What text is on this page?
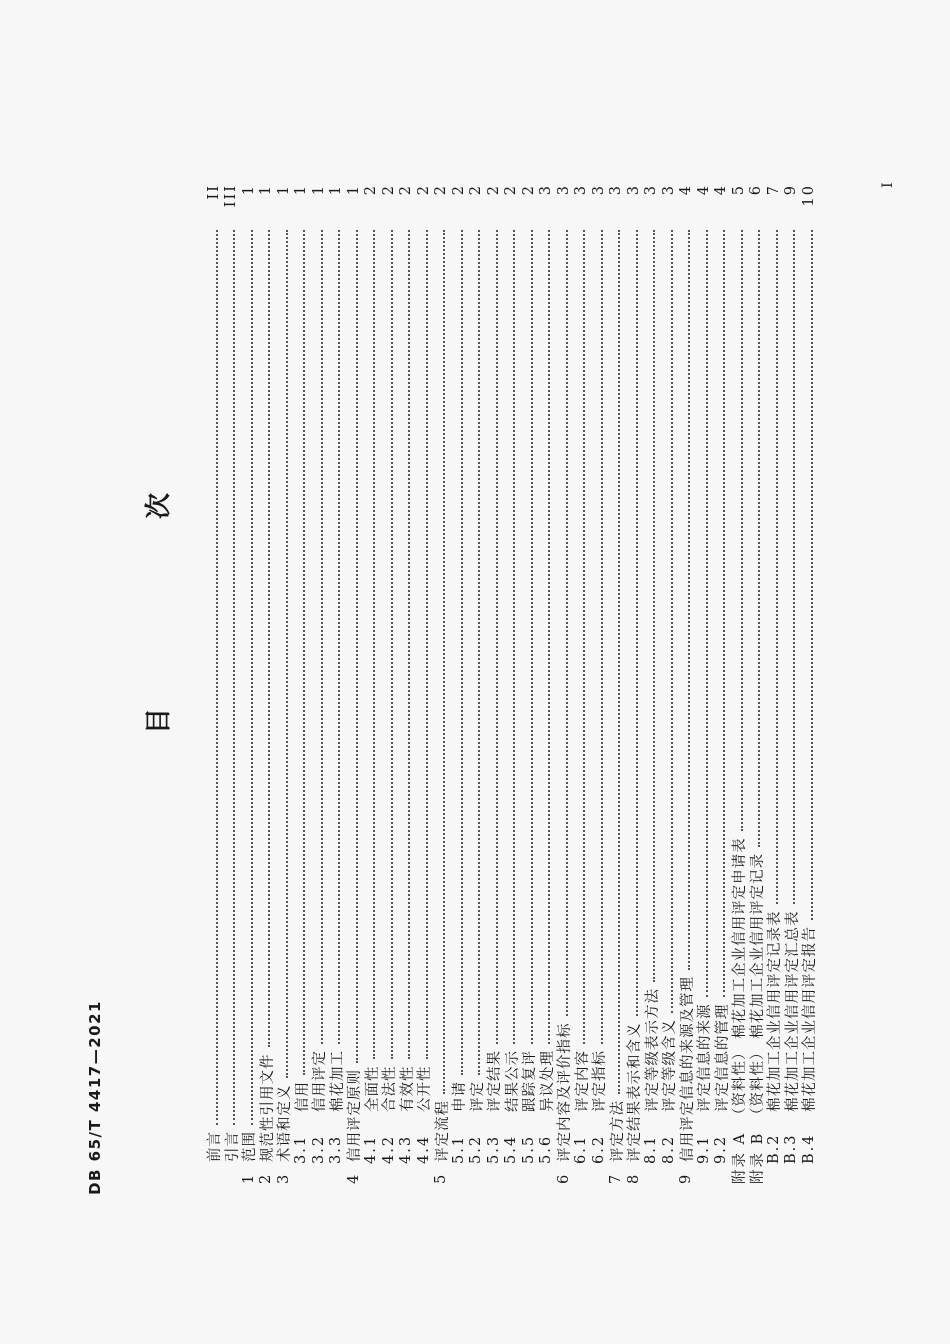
DB 65/T 4417—2021
目 次
前言
II
引言
III
1
范围
1
2
规范性引用文件
1
3
术语和定义
1
3.1
信用
1
3.2
信用评定
1
3.3
棉花加工
1
4
信用评定原则
1
4.1
全面性
2
4.2
合法性
2
4.3
有效性
2
4.4
公开性
2
5
评定流程
2
5.1
申请
2
5.2
评定
2
5.3
评定结果
2
5.4
结果公示
2
5.5
跟踪复评
2
5.6
异议处理
3
6
评定内容及评价指标
3
6.1
评定内容
3
6.2
评定指标
3
7
评定方法
3
8
评定结果表示和含义
3
8.1
评定等级表示方法
3
8.2
评定等级含义
3
9
信用评定信息的来源及管理
4
9.1
评定信息的来源
4
9.2
评定信息的管理
4
附录 A
（资料性） 棉花加工企业信用评定申请表
5
附录 B
（资料性） 棉花加工企业信用评定记录
6
B.2
棉花加工企业信用评定记录表
7
B.3
棉花加工企业信用评定汇总表
9
B.4
棉花加工企业信用评定报告
10	I
